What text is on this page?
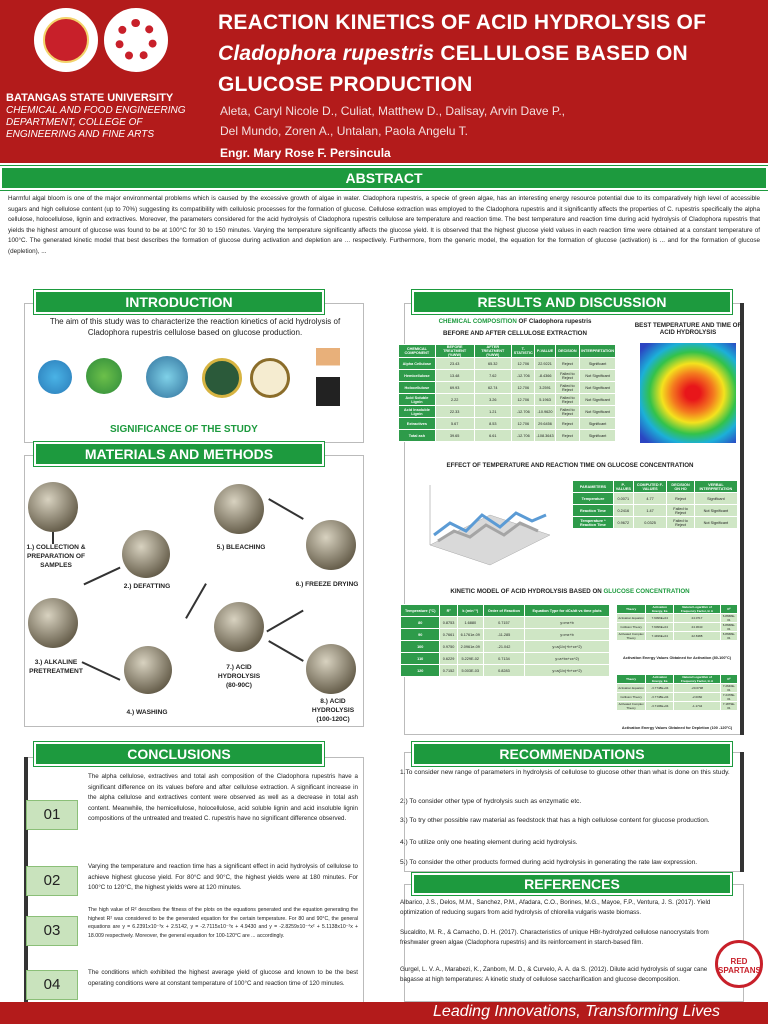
BATANGAS STATE UNIVERSITY
CHEMICAL AND FOOD ENGINEERING DEPARTMENT, COLLEGE OF ENGINEERING AND FINE ARTS
REACTION KINETICS OF ACID HYDROLYSIS OF
Cladophora rupestris CELLULOSE BASED ON
GLUCOSE PRODUCTION
Aleta, Caryl Nicole D., Culiat, Matthew D., Dalisay, Arvin Dave P.,
Del Mundo, Zoren A., Untalan, Paola Angelu T.
Engr. Mary Rose F. Persincula
ABSTRACT
Harmful algal bloom is one of the major environmental problems which is caused by the excessive growth of algae in water. Cladophora rupestris, a specie of green algae, has an interesting energy resource potential due to its comparatively high level of accessible sugars and high cellulose content (up to 70%) suggesting its compatibility with cellulosic processes for the formation of glucose. Cellulose extraction was employed to the Cladophora rupestris and it significantly affects the properties of C. rupestris specifically the alpha cellulose, holocellulose, lignin and extractives. Moreover, the parameters considered for the acid hydrolysis of Cladophora rupestris cellulose are temperature and reaction time. The best temperature and reaction time during acid hydrolysis of Cladophora rupestris that yields the highest amount of glucose was found to be at 100°C for 30 to 150 minutes. Varying the temperature significantly affects the glucose yield. It is observed that the highest glucose yield values in each reaction time were obtained at a constant temperature of 100°C. The generated kinetic model that best describes the formation of glucose during activation and depletion are ... respectively. Furthermore, from the generic model, the equation for the formation of glucose (activation) is ... and for the formation of glucose (depletion), ...
INTRODUCTION
The aim of this study was to characterize the reaction kinetics of acid hydrolysis of Cladophora rupestris cellulose based on glucose production.
SIGNIFICANCE OF THE STUDY
MATERIALS AND METHODS
1.) COLLECTION & PREPARATION OF SAMPLES
2.) DEFATTING
3.) ALKALINE PRETREATMENT
4.) WASHING
5.) BLEACHING
6.) FREEZE DRYING
7.) ACID HYDROLYSIS (80-90C)
8.) ACID HYDROLYSIS (100-120C)
CONCLUSIONS
01
The alpha cellulose, extractives and total ash composition of the Cladophora rupestris have a significant difference on its values before and after cellulose extraction. A significant increase in the alpha cellulose and extractives content were observed as well as a decrease in total ash content. Meanwhile, the hemicellulose, holocellulose, acid soluble lignin and acid insoluble lignin compositions of the untreated and treated C. rupestris have no significant difference observed.
02
Varying the temperature and reaction time has a significant effect in acid hydrolysis of cellulose to achieve highest glucose yield. For 80°C and 90°C, the highest yields were at 180 minutes. For 100°C to 120°C, the highest yields were at 120 minutes.
03
The high value of R² describes the fitness of the plots on the equations generated and the equation generating the highest R² was considered to be the generated equation for the certain temperature. For 80 and 90°C, the general equations are y = 6.2391x10⁻³x + 2.5142, y = -2.7115x10⁻³x + 4.9430 and y = -2.8259x10⁻⁴x² + 5.1138x10⁻²x + 18.009 respectively. Moreover, the general equation for 100-120°C are ... accordingly.
04
The conditions which exhibited the highest average yield of glucose and known to be the best operating conditions were at constant temperature of 100°C and reaction time of 120 minutes.
RESULTS AND DISCUSSION
CHEMICAL COMPOSITION OF Cladophora rupestris
BEFORE AND AFTER CELLULOSE EXTRACTION
CHEMICAL COMPONENT	BEFORE TREATMENT (%WW)	AFTER TREATMENT (%WW)	T-STATISTIC	P-VALUE	DECISION	INTERPRETATION
Alpha Cellulose	23.43	65.32	12.706	22.9221	Reject	Significant
Hemicellulose	13.48	7.62	-12.706	-8.4366	Failed to Reject	Not Significant
Holocellulose	69.93	62.74	12.706	3.2591	Failed to Reject	Not Significant
Acid Soluble Lignin	2.22	3.26	12.706	5.1963	Failed to Reject	Not Significant
Acid Insoluble Lignin	22.33	1.21	-12.706	-10.9620	Failed to Reject	Not Significant
Extractives	5.67	8.53	12.706	29.6456	Reject	Significant
Total ash	39.65	6.61	-12.706	-108.3643	Reject	Significant
BEST TEMPERATURE AND TIME OF ACID HYDROLYSIS
EFFECT OF TEMPERATURE AND REACTION TIME ON GLUCOSE CONCENTRATION
PARAMETERS	P-VALUES	COMPUTED F-VALUES	DECISION ON HO	VERBAL INTERPRETATION
Temperature	0.0071	4.77	Reject	Significant
Reaction Time	0.2416	1.47	Failed to Reject	Not Significant
Temperature * Reaction Time	0.9672	0.0325	Failed to Reject	Not Significant
KINETIC MODEL OF ACID HYDROLYSIS BASED ON GLUCOSE CONCENTRATION
Temperature (°C)	R²	k (min⁻¹)	Order of Reaction	Equation Type for dCs/dt vs time plots
80	0.8753	1.6880	0.7157	y=mx+b
90	0.7661	6.1761e-09	-11.285	y=mx+b
100	0.9750	2.0961e-09	-21.042	y=a(1/x)+b+cx^2)
110	0.6229	5.229E-02	0.7134	y=a+bx+cx^2)
120	0.7152	5.003E-03	0.8283	y=a(1/x)+b+cx^2)
Theory	Activation Energy, Ea	Natural Logarithm of Frequency Factor, ln A	R²
Activation Equation	7.6096E+04	24.0717	6.8668E-01
Collision Theory	7.6096E+04	24.3640	6.8668E-01
Activated Complex Theory	7.4496E+04	22.6388	6.8668E-01
Activation Energy Values Obtained for Activation (80-100°C)
Theory	Activation Energy, Ea	Natural Logarithm of Frequency Factor, ln A	R²
Activation Equation	-3.7748E+04	-20.0798	7.2640E-01
Collision Theory	-3.7748E+04	-2.0060	7.2478E-01
Activated Complex Theory	-3.7106E+04	-1.1744	7.1879E-01
Activation Energy Values Obtained for Depletion (100 -120°C)
RECOMMENDATIONS
1.To consider new range of parameters in hydrolysis of cellulose to glucose other than what is done on this study.
2.) To consider other type of hydrolysis such as enzymatic etc.
3.) To try other possible raw material as feedstock that has a high cellulose content for glucose production.
4.) To utilize only one heating element during acid hydrolysis.
5.) To consider the other products formed during acid hydrolysis in generating the rate law expression.
REFERENCES
Albarico, J.S., Delos, M.M., Sanchez, P.M., Afadara, C.O., Borines, M.G., Mayoe, F.P., Ventura, J. S. (2017). Yield optimization of reducing sugars from acid hydrolysis of chlorella vulgaris waste biomass.
Sucaldito, M. R., & Camacho, D. H. (2017). Characteristics of unique HBr-hydrolyzed cellulose nanocrystals from freshwater green algae (Cladophora rupestris) and its reinforcement in starch-based film.
Gurgel, L. V. A., Marabezi, K., Zanbom, M. D., & Curvelo, A. A. da S. (2012). Dilute acid hydrolysis of sugar cane bagasse at high temperatures: A kinetic study of cellulose saccharification and glucose decomposition.
RED SPARTANS
Leading Innovations, Transforming Lives
